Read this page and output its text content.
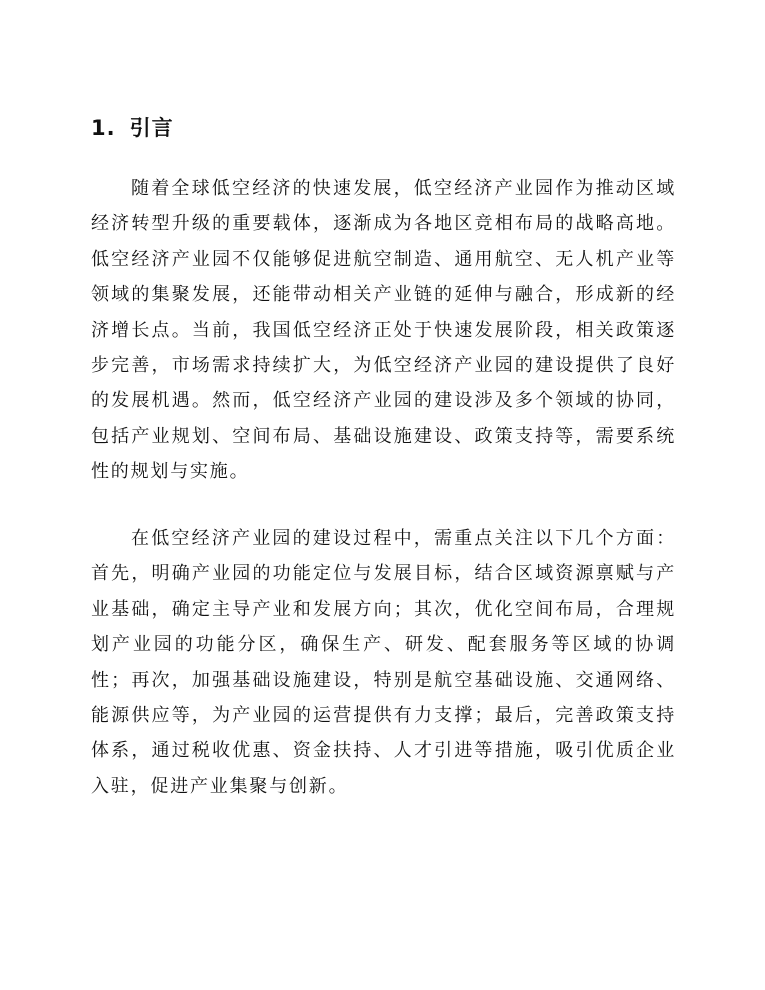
1. 引言

随着全球低空经济的快速发展，低空经济产业园作为推动区域经济转型升级的重要载体，逐渐成为各地区竞相布局的战略高地。低空经济产业园不仅能够促进航空制造、通用航空、无人机产业等领域的集聚发展，还能带动相关产业链的延伸与融合，形成新的经济增长点。当前，我国低空经济正处于快速发展阶段，相关政策逐步完善，市场需求持续扩大，为低空经济产业园的建设提供了良好的发展机遇。然而，低空经济产业园的建设涉及多个领域的协同，包括产业规划、空间布局、基础设施建设、政策支持等，需要系统性的规划与实施。

在低空经济产业园的建设过程中，需重点关注以下几个方面：首先，明确产业园的功能定位与发展目标，结合区域资源禀赋与产业基础，确定主导产业和发展方向；其次，优化空间布局，合理规划产业园的功能分区，确保生产、研发、配套服务等区域的协调性；再次，加强基础设施建设，特别是航空基础设施、交通网络、能源供应等，为产业园的运营提供有力支撑；最后，完善政策支持体系，通过税收优惠、资金扶持、人才引进等措施，吸引优质企业入驻，促进产业集聚与创新。
